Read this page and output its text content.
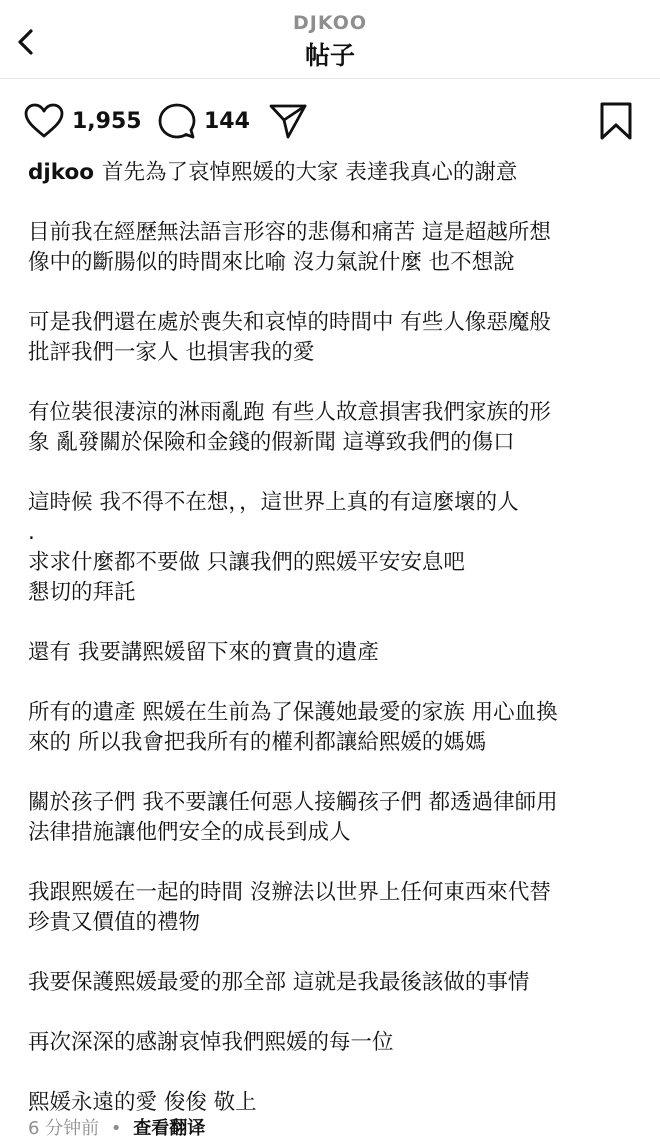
DJKOO
帖子
1,955	144
djkoo 首先為了哀悼熙媛的大家 表達我真心的謝意
目前我在經歷無法語言形容的悲傷和痛苦 這是超越所想
像中的斷腸似的時間來比喻 沒力氣說什麼 也不想說
可是我們還在處於喪失和哀悼的時間中 有些人像惡魔般
批評我們一家人 也損害我的愛
有位裝很淒涼的淋雨亂跑 有些人故意損害我們家族的形
象 亂發關於保險和金錢的假新聞 這導致我們的傷口
這時候 我不得不在想，，這世界上真的有這麼壞的人
.
求求什麼都不要做 只讓我們的熙媛平安安息吧
懇切的拜託
還有 我要講熙媛留下來的寶貴的遺產
所有的遺產 熙媛在生前為了保護她最愛的家族 用心血換
來的 所以我會把我所有的權利都讓給熙媛的媽媽
關於孩子們 我不要讓任何惡人接觸孩子們 都透過律師用
法律措施讓他們安全的成長到成人
我跟熙媛在一起的時間 沒辦法以世界上任何東西來代替
珍貴又價值的禮物
我要保護熙媛最愛的那全部 這就是我最後該做的事情
再次深深的感謝哀悼我們熙媛的每一位
熙媛永遠的愛 俊俊 敬上
6 分钟前 • 查看翻译
